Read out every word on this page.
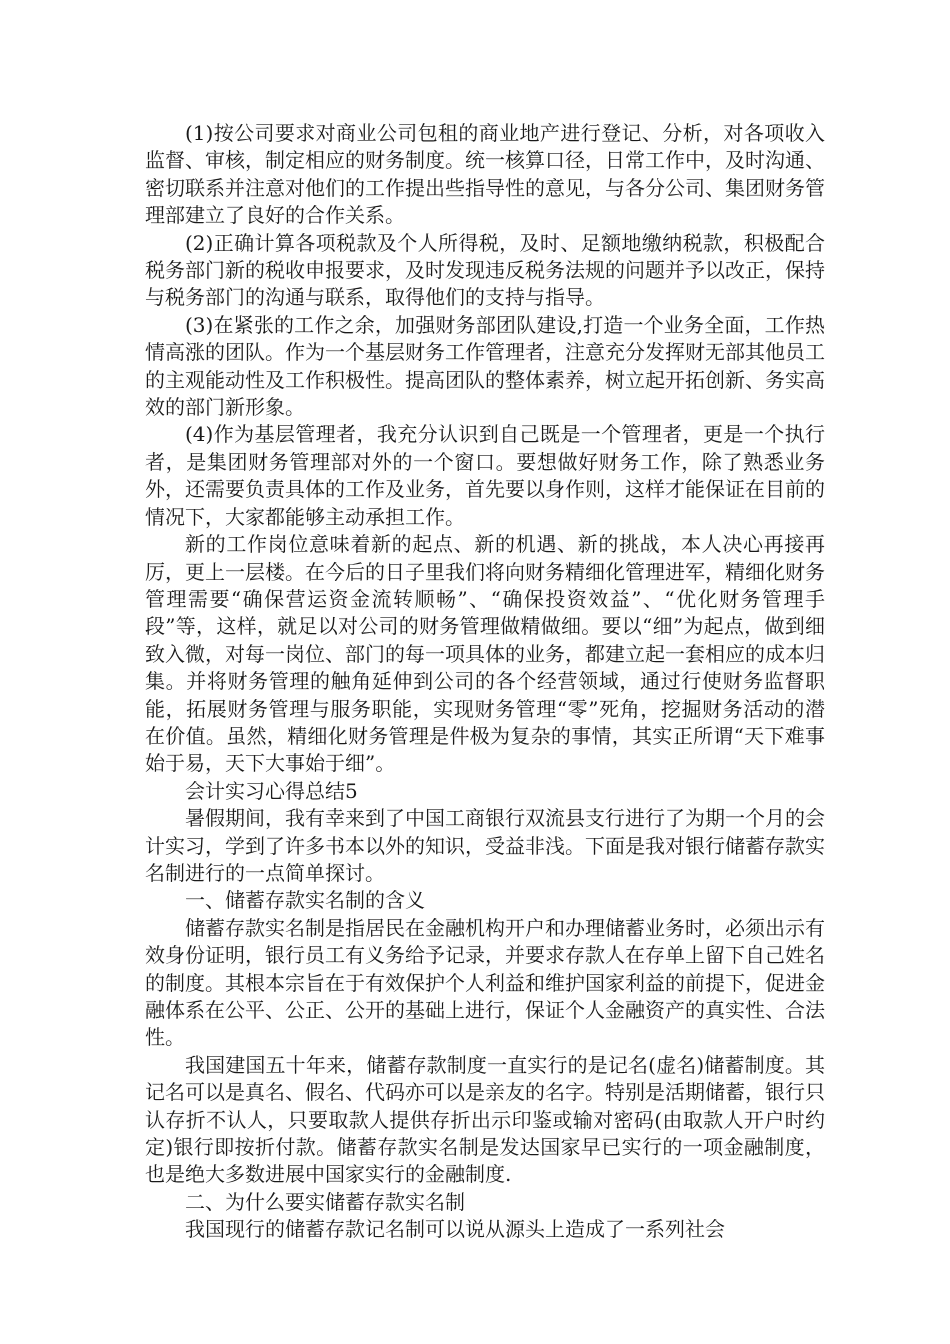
(1)按公司要求对商业公司包租的商业地产进行登记、分析，对各项收入监督、审核，制定相应的财务制度。统一核算口径，日常工作中，及时沟通、密切联系并注意对他们的工作提出些指导性的意见，与各分公司、集团财务管理部建立了良好的合作关系。

(2)正确计算各项税款及个人所得税，及时、足额地缴纳税款，积极配合税务部门新的税收申报要求，及时发现违反税务法规的问题并予以改正，保持与税务部门的沟通与联系，取得他们的支持与指导。

(3)在紧张的工作之余，加强财务部团队建设,打造一个业务全面，工作热情高涨的团队。作为一个基层财务工作管理者，注意充分发挥财无部其他员工的主观能动性及工作积极性。提高团队的整体素养，树立起开拓创新、务实高效的部门新形象。

(4)作为基层管理者，我充分认识到自己既是一个管理者，更是一个执行者，是集团财务管理部对外的一个窗口。要想做好财务工作，除了熟悉业务外，还需要负责具体的工作及业务，首先要以身作则，这样才能保证在目前的情况下，大家都能够主动承担工作。

新的工作岗位意味着新的起点、新的机遇、新的挑战，本人决心再接再厉，更上一层楼。在今后的日子里我们将向财务精细化管理进军，精细化财务管理需要“确保营运资金流转顺畅”、“确保投资效益”、“优化财务管理手段”等，这样，就足以对公司的财务管理做精做细。要以“细”为起点，做到细致入微，对每一岗位、部门的每一项具体的业务，都建立起一套相应的成本归集。并将财务管理的触角延伸到公司的各个经营领域，通过行使财务监督职能，拓展财务管理与服务职能，实现财务管理“零”死角，挖掘财务活动的潜在价值。虽然，精细化财务管理是件极为复杂的事情，其实正所谓“天下难事始于易，天下大事始于细”。

会计实习心得总结5

暑假期间，我有幸来到了中国工商银行双流县支行进行了为期一个月的会计实习，学到了许多书本以外的知识，受益非浅。下面是我对银行储蓄存款实名制进行的一点简单探讨。

一、储蓄存款实名制的含义

储蓄存款实名制是指居民在金融机构开户和办理储蓄业务时，必须出示有效身份证明，银行员工有义务给予记录，并要求存款人在存单上留下自己姓名的制度。其根本宗旨在于有效保护个人利益和维护国家利益的前提下，促进金融体系在公平、公正、公开的基础上进行，保证个人金融资产的真实性、合法性。

我国建国五十年来，储蓄存款制度一直实行的是记名(虚名)储蓄制度。其记名可以是真名、假名、代码亦可以是亲友的名字。特别是活期储蓄，银行只认存折不认人，只要取款人提供存折出示印鉴或输对密码(由取款人开户时约定)银行即按折付款。储蓄存款实名制是发达国家早已实行的一项金融制度，也是绝大多数进展中国家实行的金融制度.

二、为什么要实储蓄存款实名制

我国现行的储蓄存款记名制可以说从源头上造成了一系列社会
